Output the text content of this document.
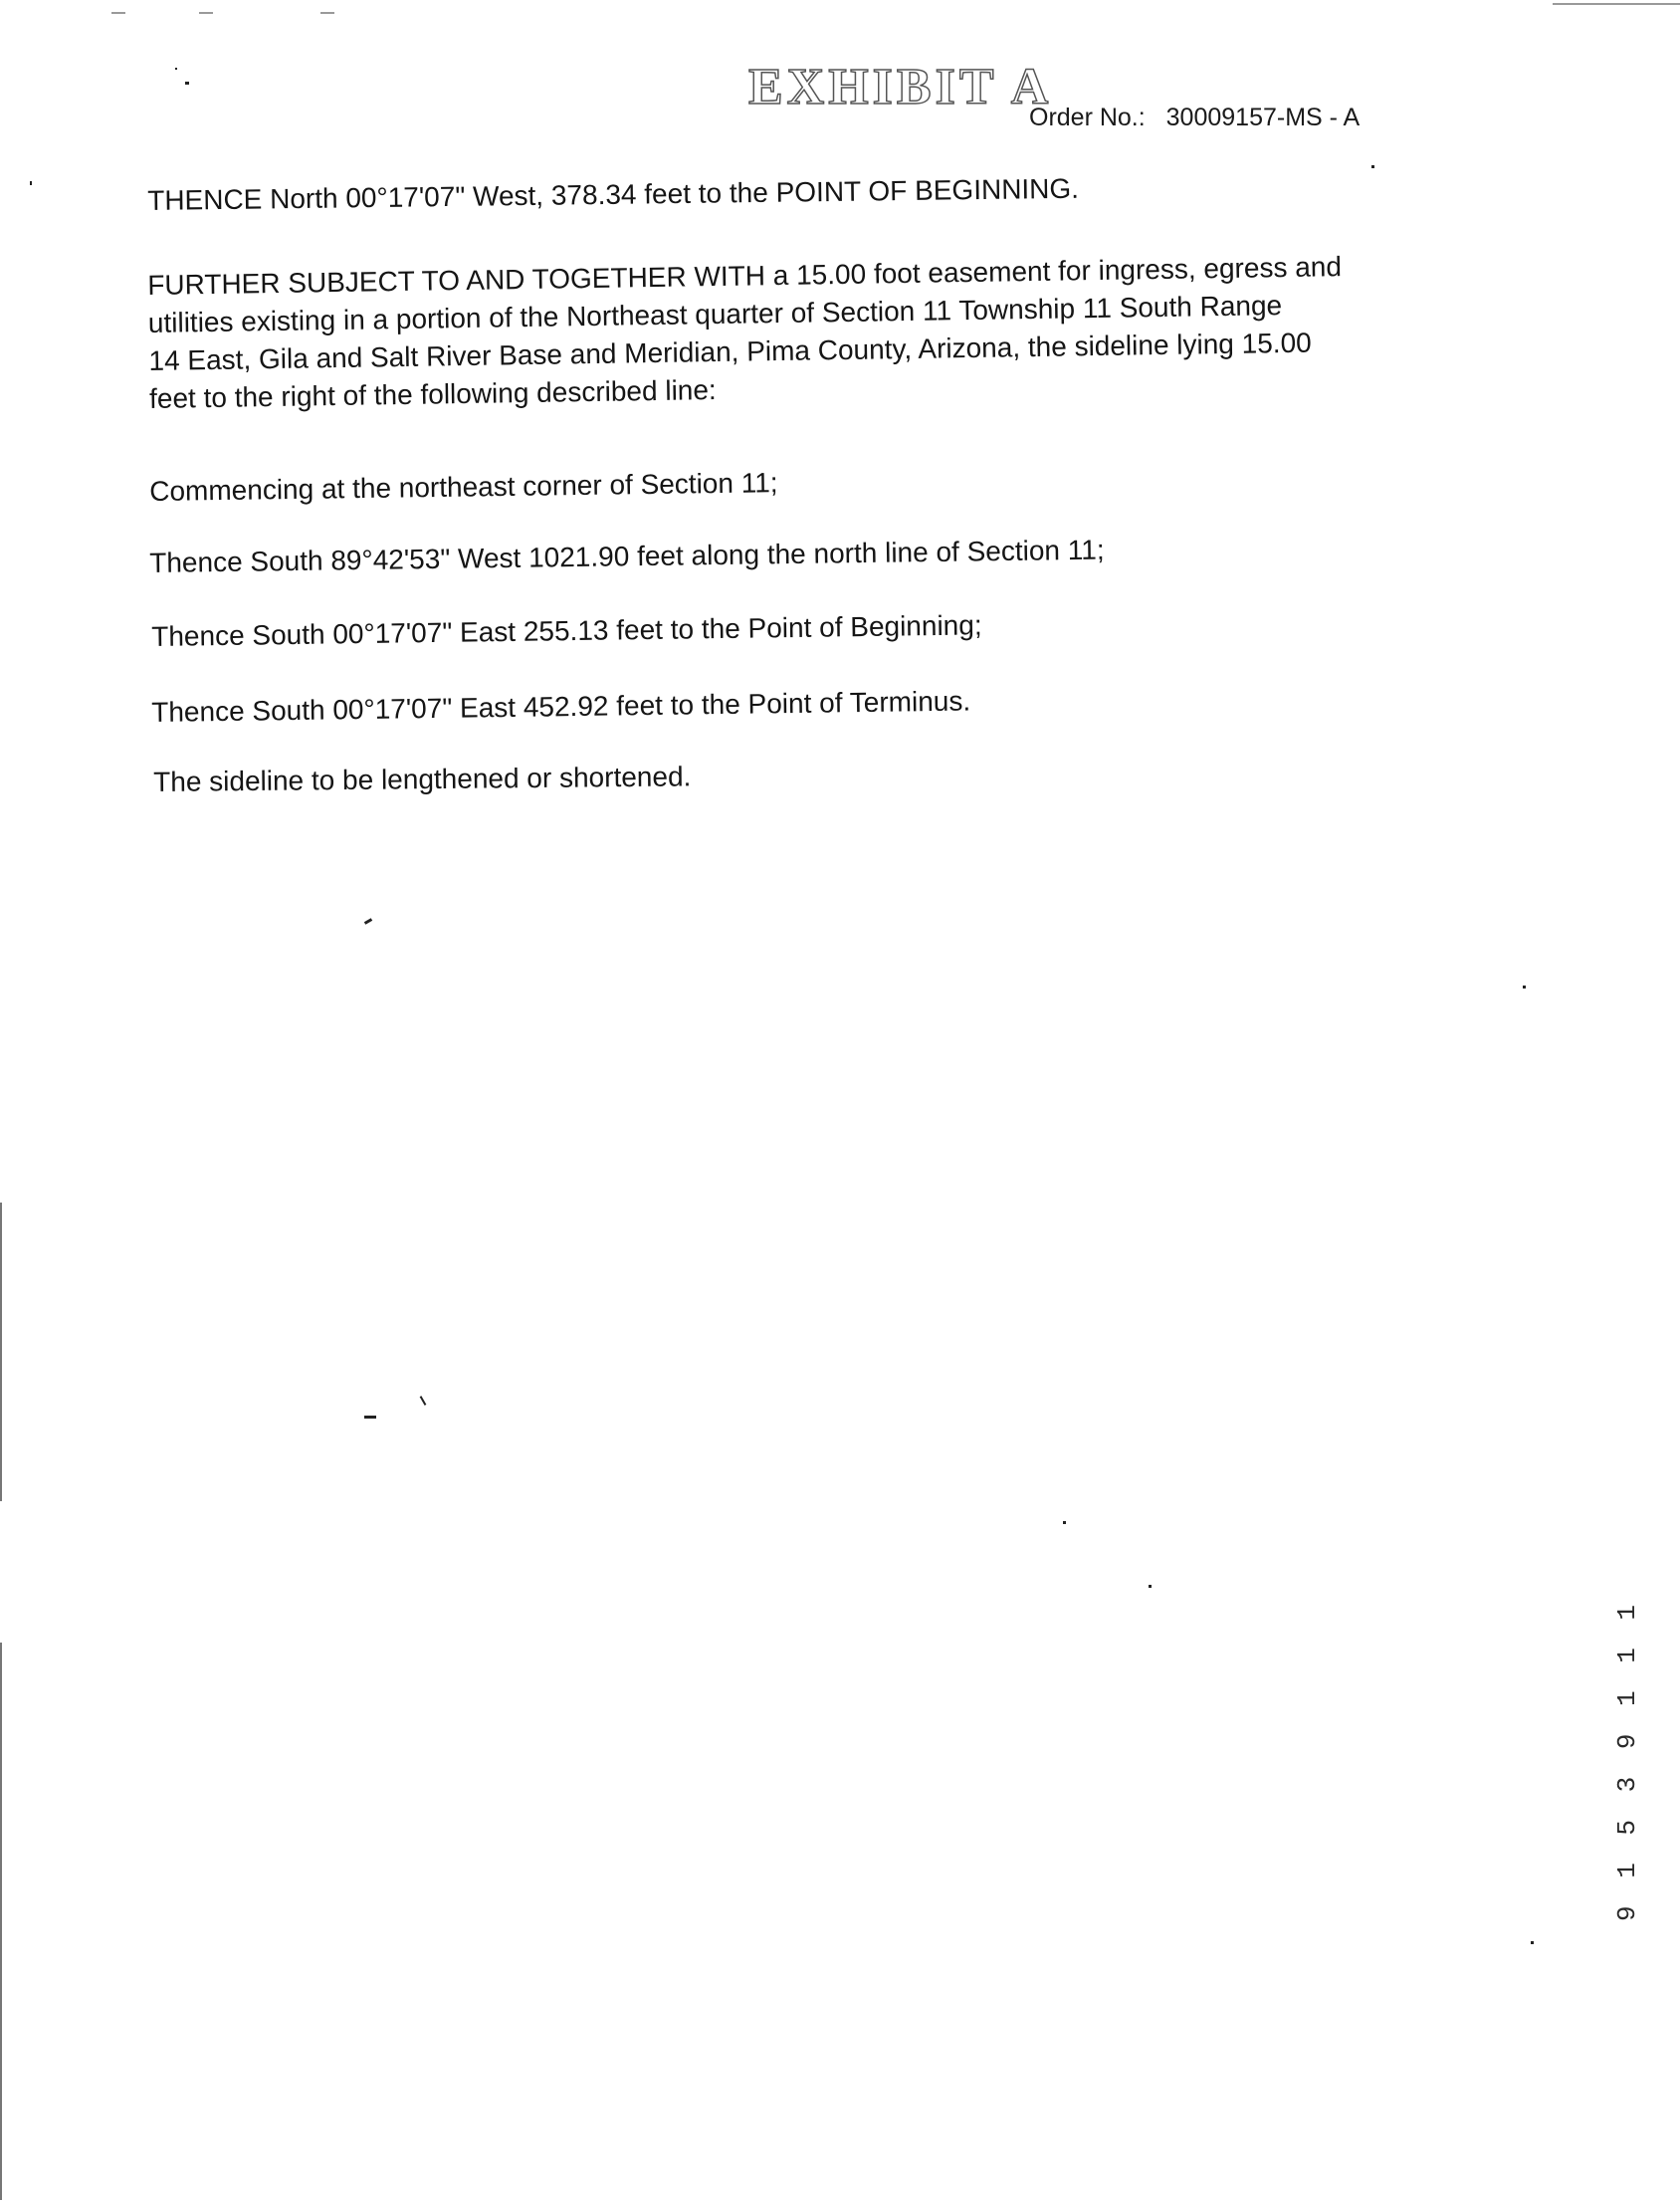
EXHIBIT A
Order No.: 30009157-MS - A
THENCE North 00°17'07" West, 378.34 feet to the POINT OF BEGINNING.
FURTHER SUBJECT TO AND TOGETHER WITH a 15.00 foot easement for ingress, egress and
utilities existing in a portion of the Northeast quarter of Section 11 Township 11 South Range
14 East, Gila and Salt River Base and Meridian, Pima County, Arizona, the sideline lying 15.00
feet to the right of the following described line:
Commencing at the northeast corner of Section 11;
Thence South 89°42'53" West 1021.90 feet along the north line of Section 11;
Thence South 00°17'07" East 255.13 feet to the Point of Beginning;
Thence South 00°17'07" East 452.92 feet to the Point of Terminus.
The sideline to be lengthened or shortened.
9 1 5 3 9 1 1 1
